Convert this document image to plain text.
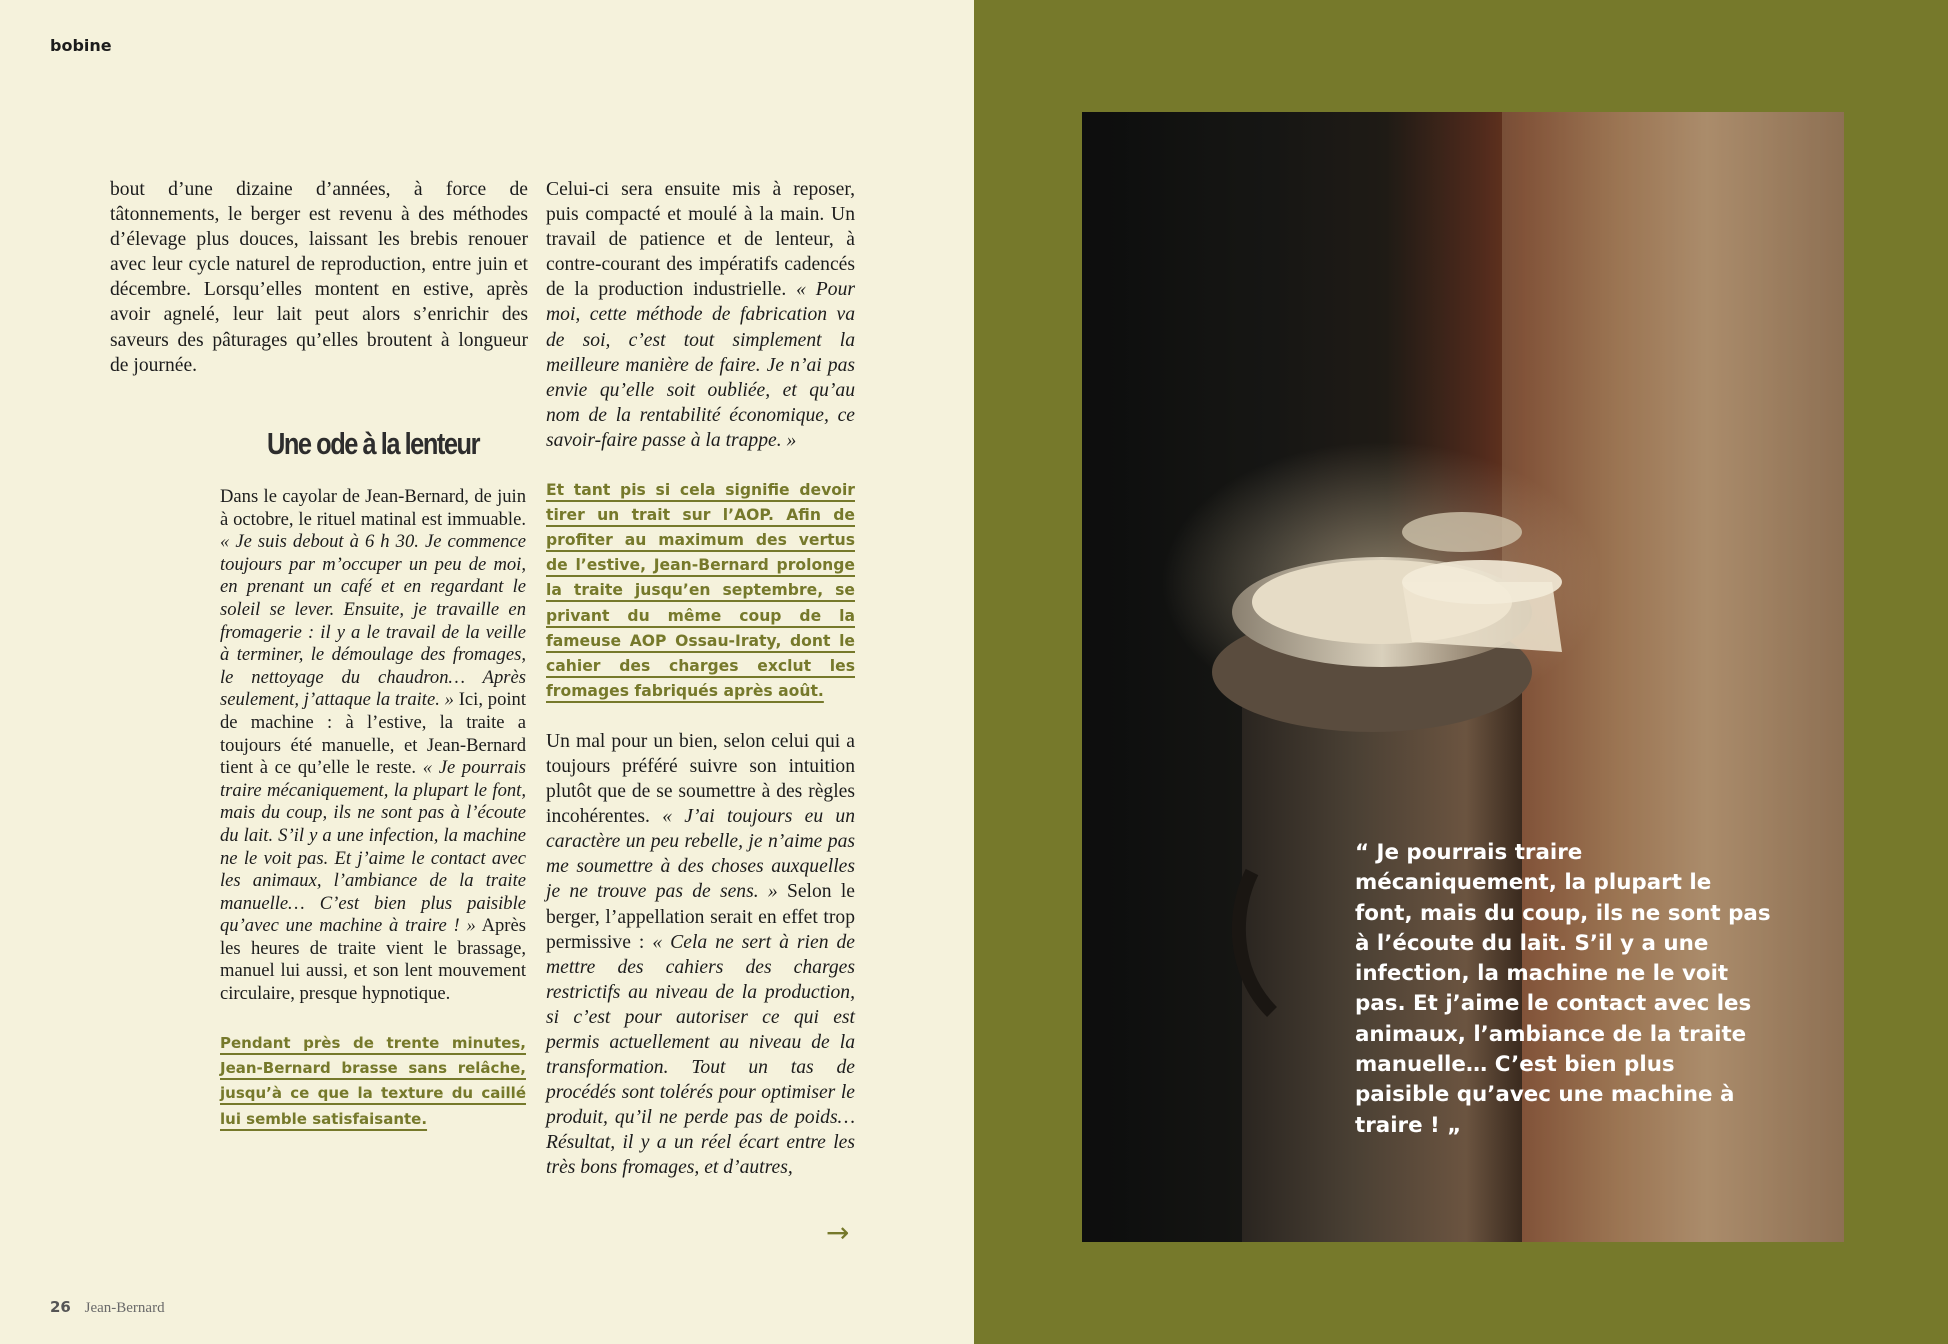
bobine

bout d’une dizaine d’années, à force de tâtonnements, le berger est revenu à des méthodes d’élevage plus douces, laissant les brebis renouer avec leur cycle naturel de reproduction, entre juin et décembre. Lorsqu’elles montent en estive, après avoir agnelé, leur lait peut alors s’enrichir des saveurs des pâturages qu’elles broutent à longueur de journée.

Une ode à la lenteur

Dans le cayolar de Jean-Bernard, de juin à octobre, le rituel matinal est immuable. « Je suis debout à 6 h 30. Je commence toujours par m’occuper un peu de moi, en prenant un café et en regardant le soleil se lever. Ensuite, je travaille en fromagerie : il y a le travail de la veille à terminer, le démoulage des fromages, le nettoyage du chaudron… Après seulement, j’attaque la traite. » Ici, point de machine : à l’estive, la traite a toujours été manuelle, et Jean-Bernard tient à ce qu’elle le reste. « Je pourrais traire mécaniquement, la plupart le font, mais du coup, ils ne sont pas à l’écoute du lait. S’il y a une infection, la machine ne le voit pas. Et j’aime le contact avec les animaux, l’ambiance de la traite manuelle… C’est bien plus paisible qu’avec une machine à traire ! » Après les heures de traite vient le brassage, manuel lui aussi, et son lent mouvement circulaire, presque hypnotique.

Pendant près de trente minutes, Jean-Bernard brasse sans relâche, jusqu’à ce que la texture du caillé lui semble satisfaisante.

Celui-ci sera ensuite mis à reposer, puis compacté et moulé à la main. Un travail de patience et de lenteur, à contre-courant des impératifs cadencés de la production industrielle. « Pour moi, cette méthode de fabrication va de soi, c’est tout simplement la meilleure manière de faire. Je n’ai pas envie qu’elle soit oubliée, et qu’au nom de la rentabilité économique, ce savoir-faire passe à la trappe. »

Et tant pis si cela signifie devoir tirer un trait sur l’AOP. Afin de profiter au maximum des vertus de l’estive, Jean-Bernard prolonge la traite jusqu’en septembre, se privant du même coup de la fameuse AOP Ossau-Iraty, dont le cahier des charges exclut les fromages fabriqués après août.

Un mal pour un bien, selon celui qui a toujours préféré suivre son intuition plutôt que de se soumettre à des règles incohérentes. « J’ai toujours eu un caractère un peu rebelle, je n’aime pas me soumettre à des choses auxquelles je ne trouve pas de sens. » Selon le berger, l’appellation serait en effet trop permissive : « Cela ne sert à rien de mettre des cahiers des charges restrictifs au niveau de la production, si c’est pour autoriser ce qui est permis actuellement au niveau de la transformation. Tout un tas de procédés sont tolérés pour optimiser le produit, qu’il ne perde pas de poids… Résultat, il y a un réel écart entre les très bons fromages, et d’autres,

→
26 Jean-Bernard
“ Je pourrais traire mécaniquement, la plupart le font, mais du coup, ils ne sont pas à l’écoute du lait. S’il y a une infection, la machine ne le voit pas. Et j’aime le contact avec les animaux, l’ambiance de la traite manuelle… C’est bien plus paisible qu’avec une machine à traire ! „
